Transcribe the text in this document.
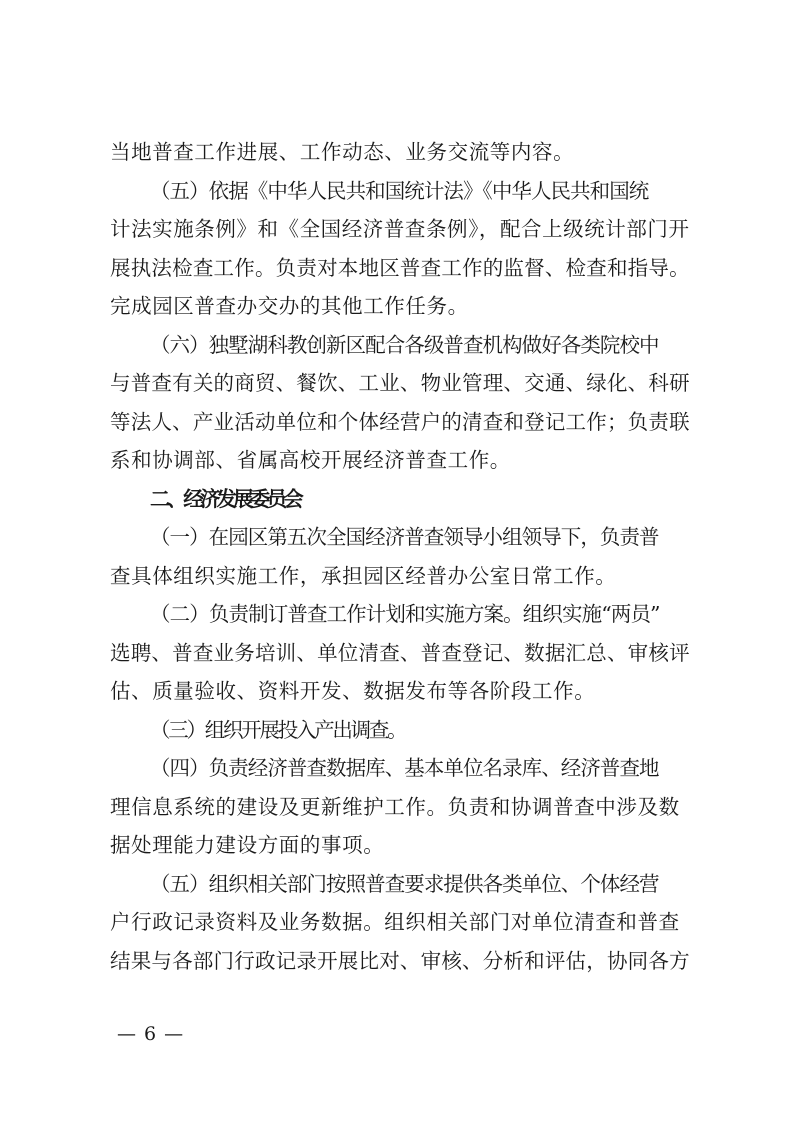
当地普查工作进展、工作动态、业务交流等内容。
（五）依据《中华人民共和国统计法》《中华人民共和国统
计法实施条例》和《全国经济普查条例》，配合上级统计部门开
展执法检查工作。负责对本地区普查工作的监督、检查和指导。
完成园区普查办交办的其他工作任务。
（六）独墅湖科教创新区配合各级普查机构做好各类院校中
与普查有关的商贸、餐饮、工业、物业管理、交通、绿化、科研
等法人、产业活动单位和个体经营户的清查和登记工作；负责联
系和协调部、省属高校开展经济普查工作。
二、经济发展委员会
（一）在园区第五次全国经济普查领导小组领导下，负责普
查具体组织实施工作，承担园区经普办公室日常工作。
（二）负责制订普查工作计划和实施方案。组织实施“两员”
选聘、普查业务培训、单位清查、普查登记、数据汇总、审核评
估、质量验收、资料开发、数据发布等各阶段工作。
（三）组织开展投入产出调查。
（四）负责经济普查数据库、基本单位名录库、经济普查地
理信息系统的建设及更新维护工作。负责和协调普查中涉及数
据处理能力建设方面的事项。
（五）组织相关部门按照普查要求提供各类单位、个体经营
户行政记录资料及业务数据。组织相关部门对单位清查和普查
结果与各部门行政记录开展比对、审核、分析和评估，协同各方
— 6 —
